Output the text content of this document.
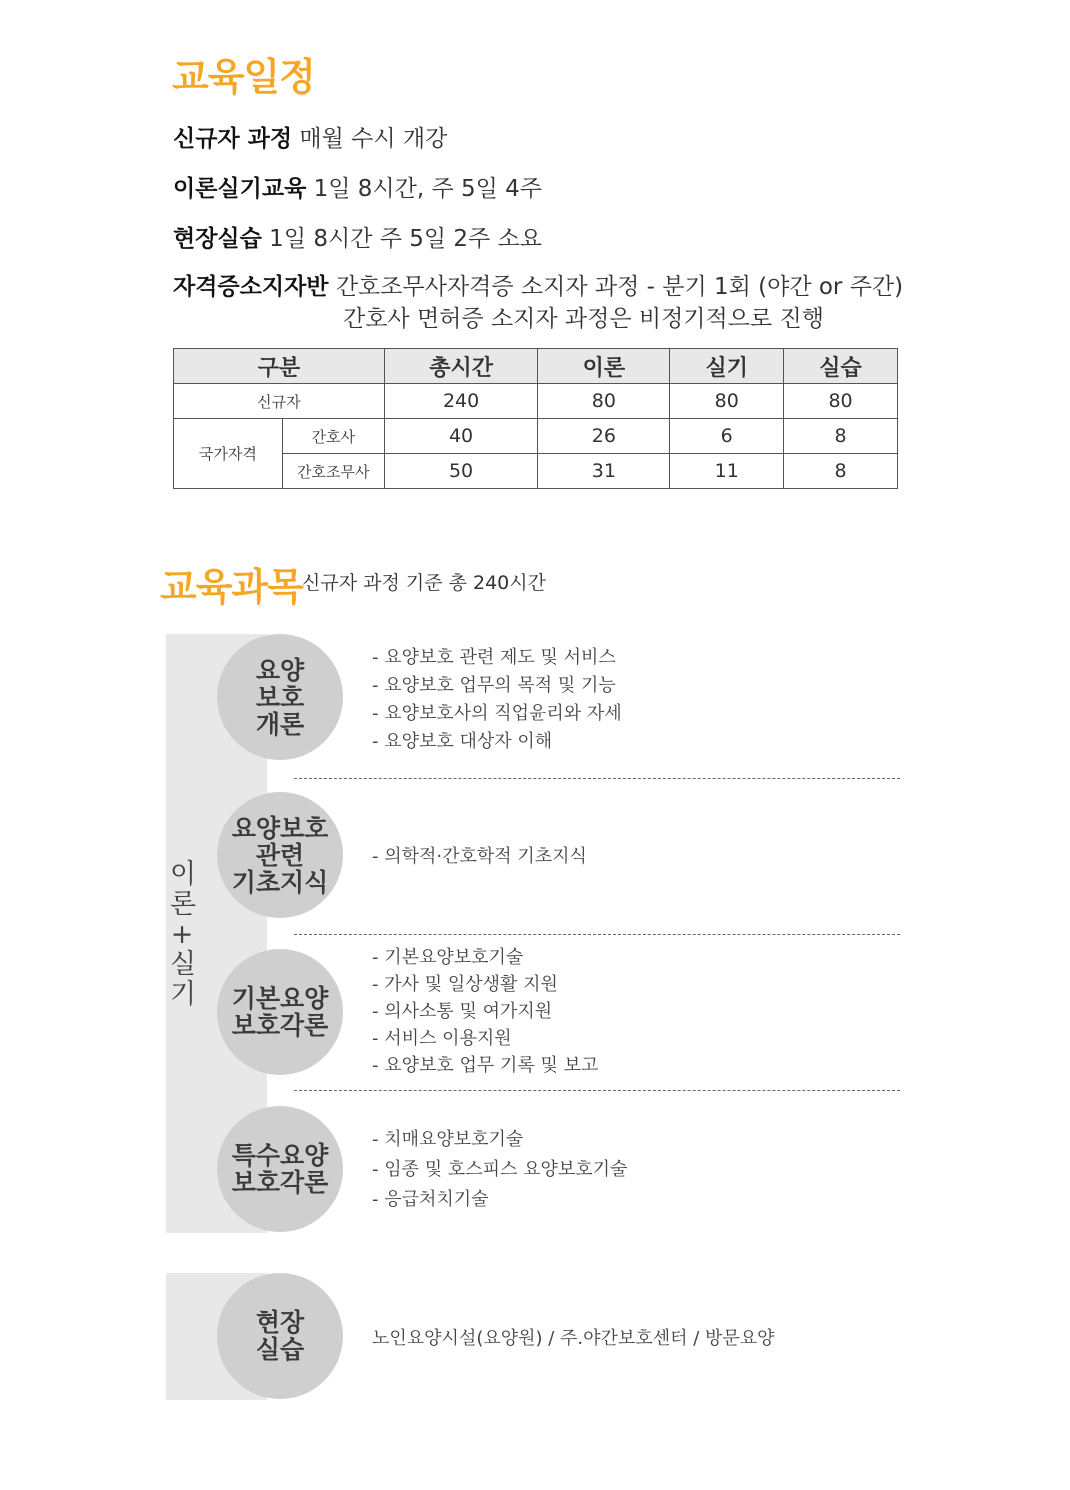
교육일정
신규자 과정 매월 수시 개강
이론실기교육 1일 8시간, 주 5일 4주
현장실습 1일 8시간 주 5일 2주 소요
자격증소지자반 간호조무사자격증 소지자 과정 - 분기 1회 (야간 or 주간)
간호사 면허증 소지자 과정은 비정기적으로 진행
구분		총시간	이론	실기	실습
신규자		240	80	80	80
국가자격	간호사	40	26	6	8
	간호조무사	50	31	11	8
교육과목 신규자 과정 기준 총 240시간
이
론
+
실
기
요양
보호
개론
- 요양보호 관련 제도 및 서비스
- 요양보호 업무의 목적 및 기능
- 요양보호사의 직업윤리와 자세
- 요양보호 대상자 이해
요양보호
관련
기초지식
- 의학적·간호학적 기초지식
기본요양
보호각론
- 기본요양보호기술
- 가사 및 일상생활 지원
- 의사소통 및 여가지원
- 서비스 이용지원
- 요양보호 업무 기록 및 보고
특수요양
보호각론
- 치매요양보호기술
- 임종 및 호스피스 요양보호기술
- 응급처치기술
현장
실습	노인요양시설(요양원) / 주.야간보호센터 / 방문요양
